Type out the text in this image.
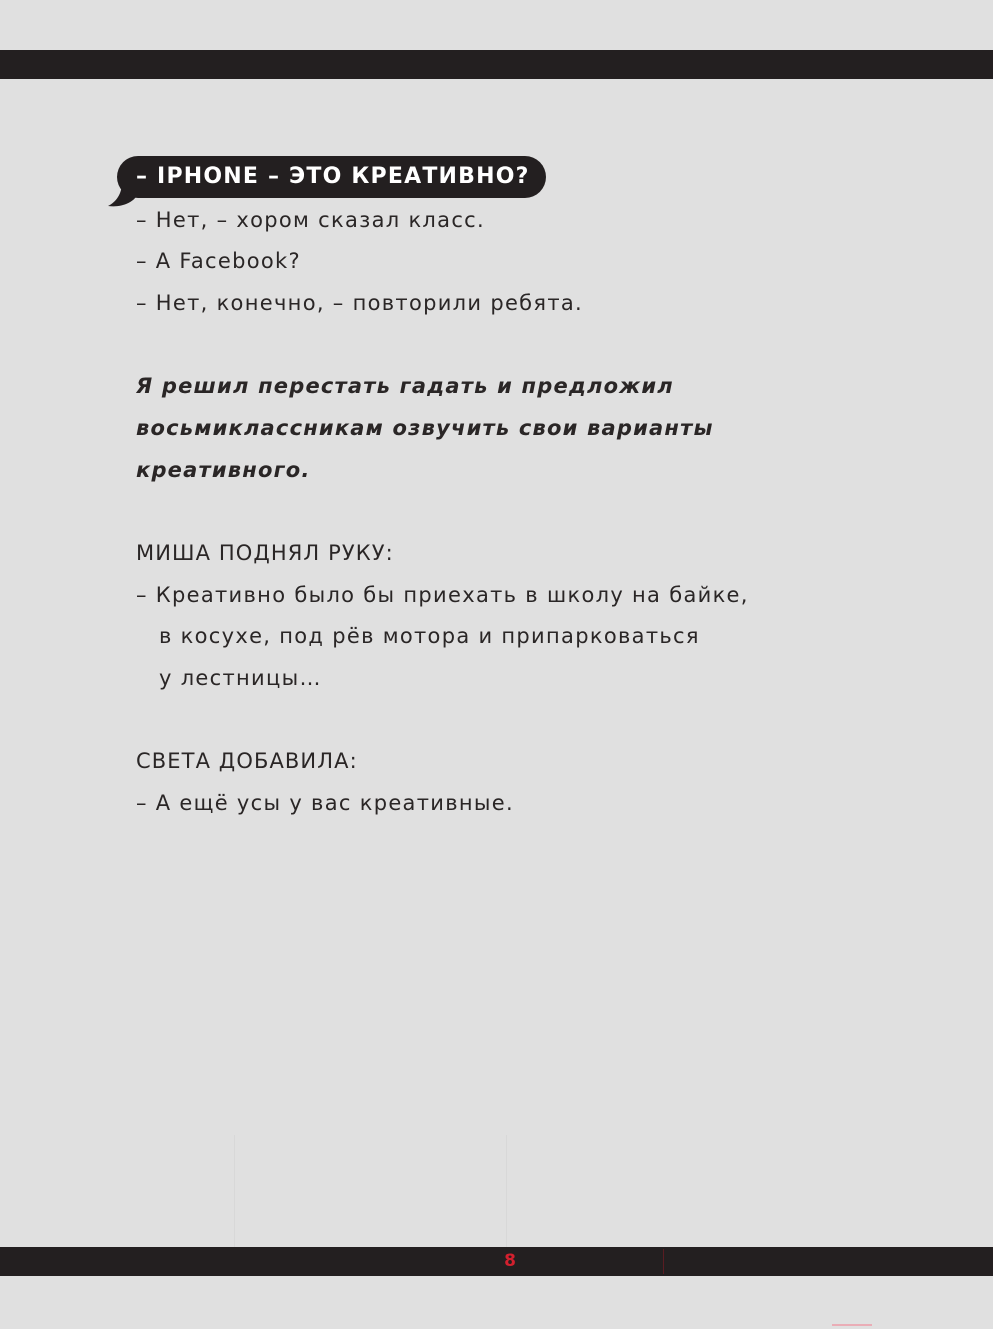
– IPHONE – ЭТО КРЕАТИВНО?
– Нет, – хором сказал класс.
– А Facebook?
– Нет, конечно, – повторили ребята.
Я решил перестать гадать и предложил
восьмиклассникам озвучить свои варианты
креативного.
МИША ПОДНЯЛ РУКУ:
– Креативно было бы приехать в школу на байке,
в косухе, под рёв мотора и припарковаться
у лестницы…
СВЕТА ДОБАВИЛА:
– А ещё усы у вас креативные.
8
